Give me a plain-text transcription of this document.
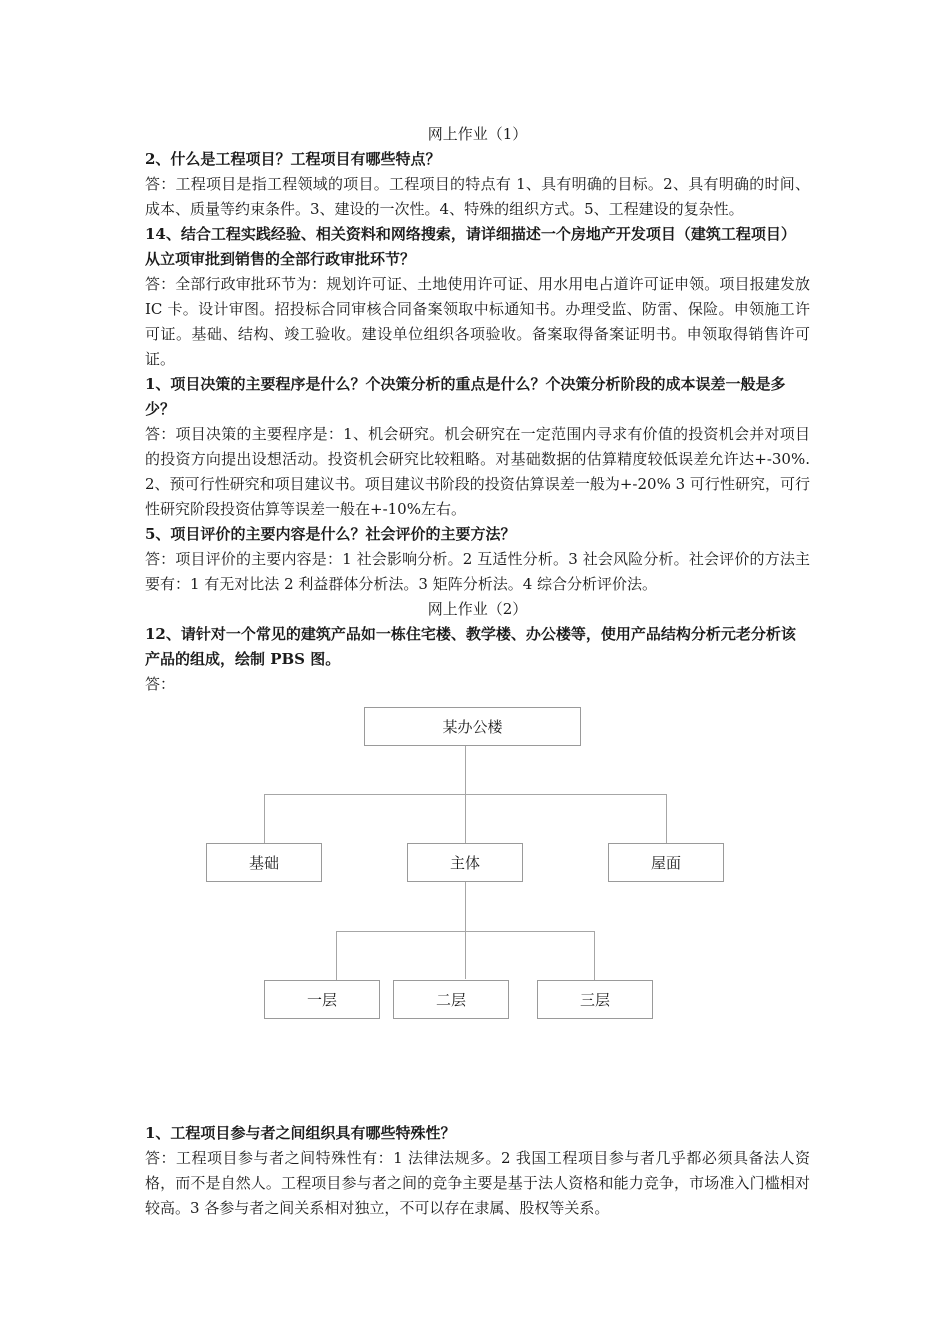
网上作业（1）

2、什么是工程项目？工程项目有哪些特点？

答：工程项目是指工程领域的项目。工程项目的特点有 1、具有明确的目标。2、具有明确的时间、成本、质量等约束条件。3、建设的一次性。4、特殊的组织方式。5、工程建设的复杂性。

14、结合工程实践经验、相关资料和网络搜索，请详细描述一个房地产开发项目（建筑工程项目）从立项审批到销售的全部行政审批环节？

答：全部行政审批环节为：规划许可证、土地使用许可证、用水用电占道许可证申领。项目报建发放 IC 卡。设计审图。招投标合同审核合同备案领取中标通知书。办理受监、防雷、保险。申领施工许可证。基础、结构、竣工验收。建设单位组织各项验收。备案取得备案证明书。申领取得销售许可证。

1、项目决策的主要程序是什么？个决策分析的重点是什么？个决策分析阶段的成本误差一般是多少？

答：项目决策的主要程序是：1、机会研究。机会研究在一定范围内寻求有价值的投资机会并对项目的投资方向提出设想活动。投资机会研究比较粗略。对基础数据的估算精度较低误差允许达+-30%. 2、预可行性研究和项目建议书。项目建议书阶段的投资估算误差一般为+-20% 3 可行性研究，可行性研究阶段投资估算等误差一般在+-10%左右。

5、项目评价的主要内容是什么？社会评价的主要方法？

答：项目评价的主要内容是：1 社会影响分析。2 互适性分析。3 社会风险分析。社会评价的方法主要有：1 有无对比法 2 利益群体分析法。3 矩阵分析法。4 综合分析评价法。

网上作业（2）

12、请针对一个常见的建筑产品如一栋住宅楼、教学楼、办公楼等，使用产品结构分析元老分析该产品的组成，绘制 PBS 图。

答：

某办公楼
基础	主体	屋面
一层	二层	三层

1、工程项目参与者之间组织具有哪些特殊性？

答：工程项目参与者之间特殊性有：1 法律法规多。2 我国工程项目参与者几乎都必须具备法人资格，而不是自然人。工程项目参与者之间的竞争主要是基于法人资格和能力竞争，市场准入门槛相对较高。3 各参与者之间关系相对独立，不可以存在隶属、股权等关系。
